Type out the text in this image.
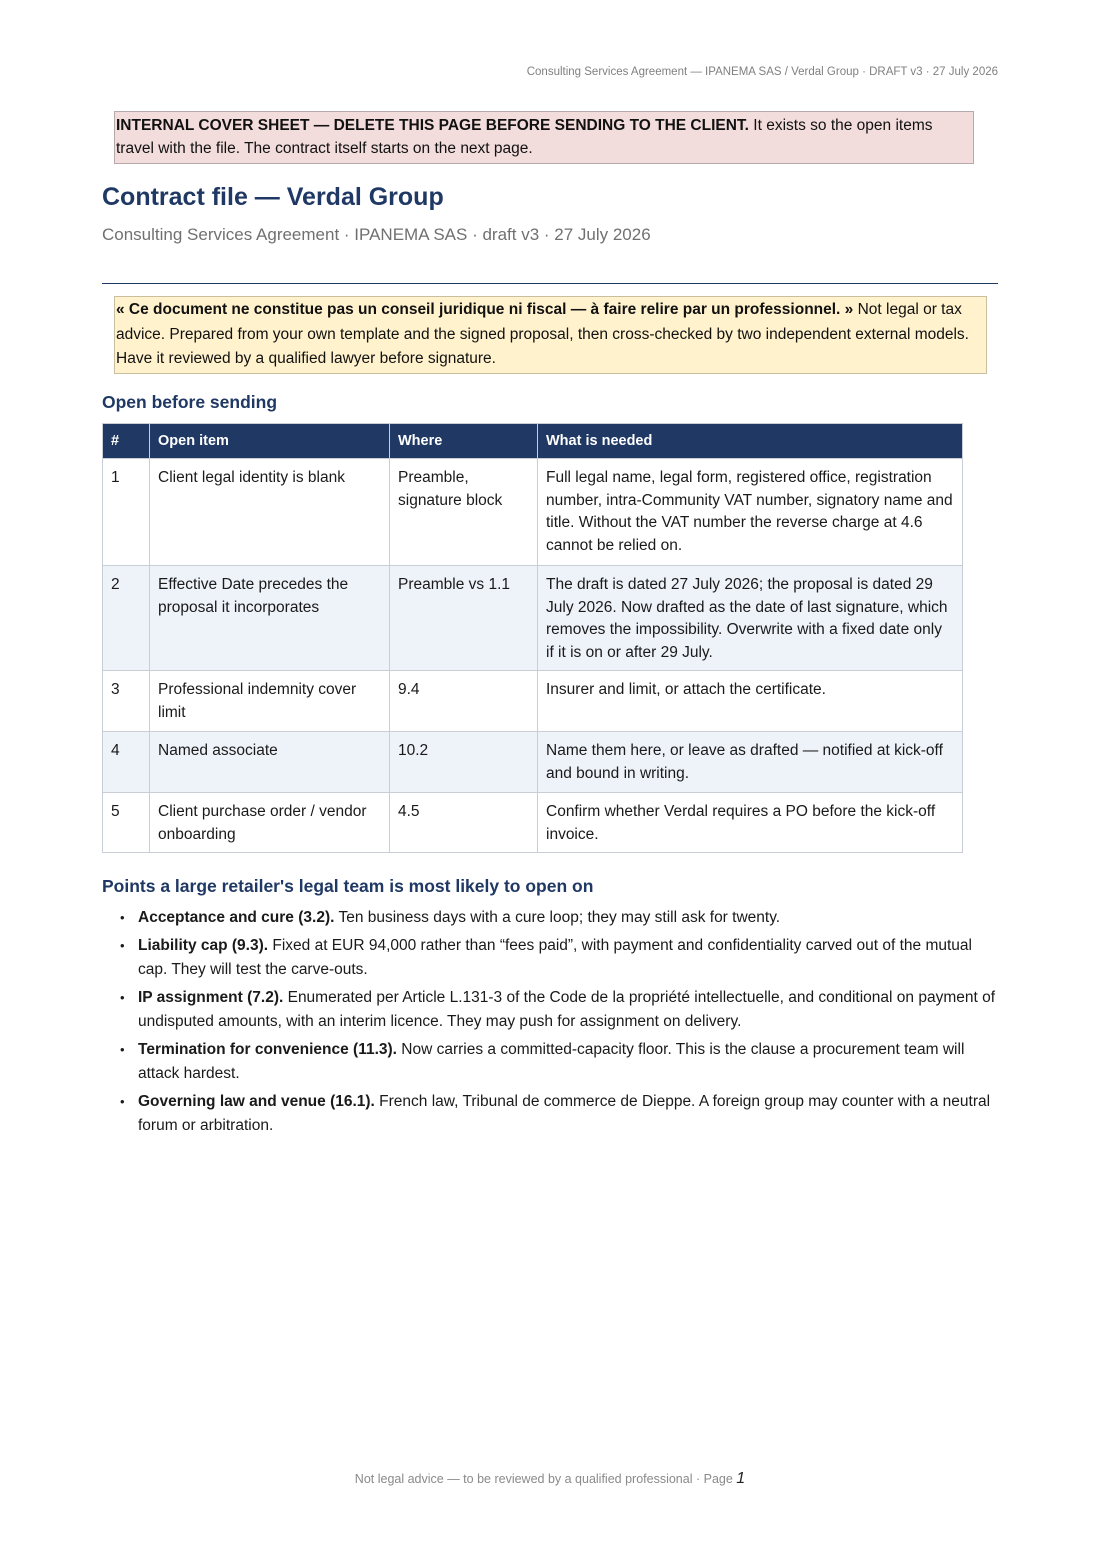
Consulting Services Agreement — IPANEMA SAS / Verdal Group · DRAFT v3 · 27 July 2026
INTERNAL COVER SHEET — DELETE THIS PAGE BEFORE SENDING TO THE CLIENT. It exists so the open items travel with the file. The contract itself starts on the next page.
Contract file — Verdal Group

Consulting Services Agreement · IPANEMA SAS · draft v3 · 27 July 2026

« Ce document ne constitue pas un conseil juridique ni fiscal — à faire relire par un professionnel. » Not legal or tax advice. Prepared from your own template and the signed proposal, then cross-checked by two independent external models. Have it reviewed by a qualified lawyer before signature.
Open before sending
#	Open item	Where	What is needed
1	Client legal identity is blank	Preamble, signature block	Full legal name, legal form, registered office, registration number, intra-Community VAT number, signatory name and title. Without the VAT number the reverse charge at 4.6 cannot be relied on.
2	Effective Date precedes the proposal it incorporates	Preamble vs 1.1	The draft is dated 27 July 2026; the proposal is dated 29 July 2026. Now drafted as the date of last signature, which removes the impossibility. Overwrite with a fixed date only if it is on or after 29 July.
3	Professional indemnity cover limit	9.4	Insurer and limit, or attach the certificate.
4	Named associate	10.2	Name them here, or leave as drafted — notified at kick-off and bound in writing.
5	Client purchase order / vendor onboarding	4.5	Confirm whether Verdal requires a PO before the kick-off invoice.
Points a large retailer's legal team is most likely to open on
• Acceptance and cure (3.2). Ten business days with a cure loop; they may still ask for twenty.
• Liability cap (9.3). Fixed at EUR 94,000 rather than “fees paid”, with payment and confidentiality carved out of the mutual cap. They will test the carve-outs.
• IP assignment (7.2). Enumerated per Article L.131-3 of the Code de la propriété intellectuelle, and conditional on payment of undisputed amounts, with an interim licence. They may push for assignment on delivery.
• Termination for convenience (11.3). Now carries a committed-capacity floor. This is the clause a procurement team will attack hardest.
• Governing law and venue (16.1). French law, Tribunal de commerce de Dieppe. A foreign group may counter with a neutral forum or arbitration.
Not legal advice — to be reviewed by a qualified professional · Page 1
